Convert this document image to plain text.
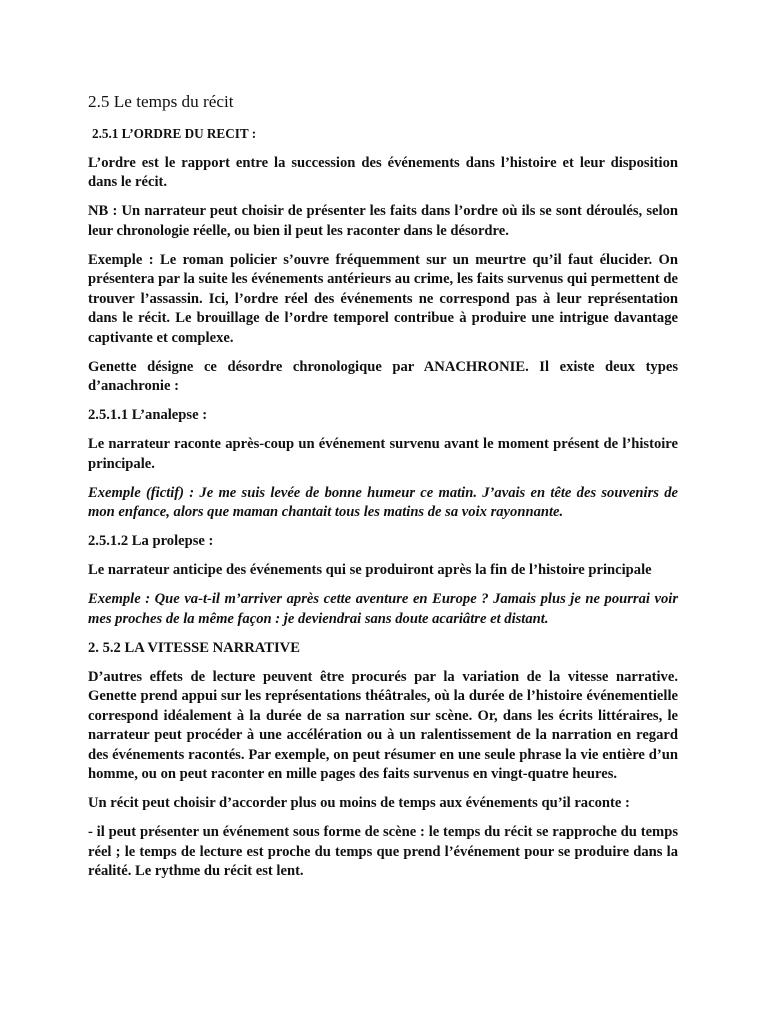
2.5 Le temps du récit
2.5.1 L’ORDRE DU RECIT :

L’ordre est le rapport entre la succession des événements dans l’histoire et leur disposition dans le récit.

NB : Un narrateur peut choisir de présenter les faits dans l’ordre où ils se sont déroulés, selon leur chronologie réelle, ou bien il peut les raconter dans le désordre.

Exemple : Le roman policier s’ouvre fréquemment sur un meurtre qu’il faut élucider. On présentera par la suite les événements antérieurs au crime, les faits survenus qui permettent de trouver l’assassin. Ici, l’ordre réel des événements ne correspond pas à leur représentation dans le récit. Le brouillage de l’ordre temporel contribue à produire une intrigue davantage captivante et complexe.

Genette désigne ce désordre chronologique par ANACHRONIE. Il existe deux types d’anachronie :

2.5.1.1 L’analepse :

Le narrateur raconte après-coup un événement survenu avant le moment présent de l’histoire principale.

Exemple (fictif) : Je me suis levée de bonne humeur ce matin. J’avais en tête des souvenirs de mon enfance, alors que maman chantait tous les matins de sa voix rayonnante.

2.5.1.2 La prolepse :

Le narrateur anticipe des événements qui se produiront après la fin de l’histoire principale

Exemple : Que va-t-il m’arriver après cette aventure en Europe ? Jamais plus je ne pourrai voir mes proches de la même façon : je deviendrai sans doute acariâtre et distant.

2. 5.2 LA VITESSE NARRATIVE

D’autres effets de lecture peuvent être procurés par la variation de la vitesse narrative. Genette prend appui sur les représentations théâtrales, où la durée de l’histoire événementielle correspond idéalement à la durée de sa narration sur scène. Or, dans les écrits littéraires, le narrateur peut procéder à une accélération ou à un ralentissement de la narration en regard des événements racontés. Par exemple, on peut résumer en une seule phrase la vie entière d’un homme, ou on peut raconter en mille pages des faits survenus en vingt-quatre heures.

Un récit peut choisir d’accorder plus ou moins de temps aux événements qu’il raconte :

- il peut présenter un événement sous forme de scène : le temps du récit se rapproche du temps réel ; le temps de lecture est proche du temps que prend l’événement pour se produire dans la réalité. Le rythme du récit est lent.
